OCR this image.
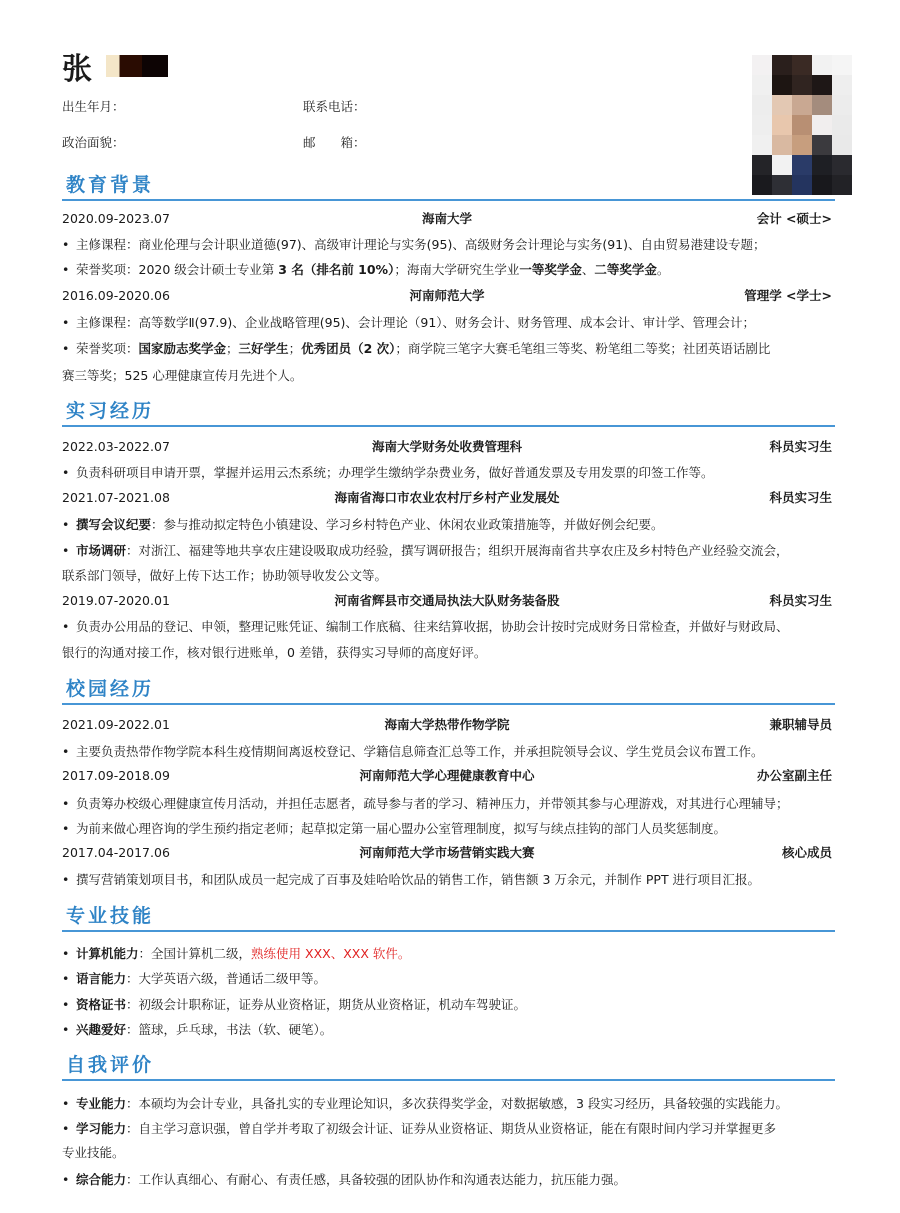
张
出生年月：	联系电话：
政治面貌：	邮　　箱：
教育背景
2020.09-2023.07	海南大学	会计 <硕士>
• 主修课程：商业伦理与会计职业道德(97)、高级审计理论与实务(95)、高级财务会计理论与实务(91)、自由贸易港建设专题；
• 荣誉奖项：2020 级会计硕士专业第 3 名（排名前 10%）；海南大学研究生学业一等奖学金、二等奖学金。
2016.09-2020.06	河南师范大学	管理学 <学士>
• 主修课程：高等数学Ⅱ(97.9)、企业战略管理(95)、会计理论（91）、财务会计、财务管理、成本会计、审计学、管理会计；
• 荣誉奖项：国家励志奖学金；三好学生；优秀团员（2 次）；商学院三笔字大赛毛笔组三等奖、粉笔组二等奖；社团英语话剧比
赛三等奖；525 心理健康宣传月先进个人。
实习经历
2022.03-2022.07	海南大学财务处收费管理科	科员实习生
• 负责科研项目申请开票，掌握并运用云杰系统；办理学生缴纳学杂费业务，做好普通发票及专用发票的印签工作等。
2021.07-2021.08	海南省海口市农业农村厅乡村产业发展处	科员实习生
• 撰写会议纪要：参与推动拟定特色小镇建设、学习乡村特色产业、休闲农业政策措施等，并做好例会纪要。
• 市场调研：对浙江、福建等地共享农庄建设吸取成功经验，撰写调研报告；组织开展海南省共享农庄及乡村特色产业经验交流会，
联系部门领导，做好上传下达工作；协助领导收发公文等。
2019.07-2020.01	河南省辉县市交通局执法大队财务装备股	科员实习生
• 负责办公用品的登记、申领，整理记账凭证、编制工作底稿、往来结算收据，协助会计按时完成财务日常检查，并做好与财政局、
银行的沟通对接工作，核对银行进账单，0 差错，获得实习导师的高度好评。
校园经历
2021.09-2022.01	海南大学热带作物学院	兼职辅导员
• 主要负责热带作物学院本科生疫情期间离返校登记、学籍信息筛查汇总等工作，并承担院领导会议、学生党员会议布置工作。
2017.09-2018.09	河南师范大学心理健康教育中心	办公室副主任
• 负责筹办校级心理健康宣传月活动，并担任志愿者，疏导参与者的学习、精神压力，并带领其参与心理游戏，对其进行心理辅导；
• 为前来做心理咨询的学生预约指定老师；起草拟定第一届心盟办公室管理制度，拟写与续点挂钩的部门人员奖惩制度。
2017.04-2017.06	河南师范大学市场营销实践大赛	核心成员
• 撰写营销策划项目书，和团队成员一起完成了百事及娃哈哈饮品的销售工作，销售额 3 万余元，并制作 PPT 进行项目汇报。
专业技能
• 计算机能力：全国计算机二级，熟练使用 XXX、XXX 软件。
• 语言能力：大学英语六级，普通话二级甲等。
• 资格证书：初级会计职称证，证券从业资格证，期货从业资格证，机动车驾驶证。
• 兴趣爱好：篮球，乒乓球，书法（软、硬笔）。
自我评价
• 专业能力：本硕均为会计专业，具备扎实的专业理论知识，多次获得奖学金，对数据敏感，3 段实习经历，具备较强的实践能力。
• 学习能力：自主学习意识强，曾自学并考取了初级会计证、证券从业资格证、期货从业资格证，能在有限时间内学习并掌握更多
专业技能。
• 综合能力：工作认真细心、有耐心、有责任感，具备较强的团队协作和沟通表达能力，抗压能力强。
